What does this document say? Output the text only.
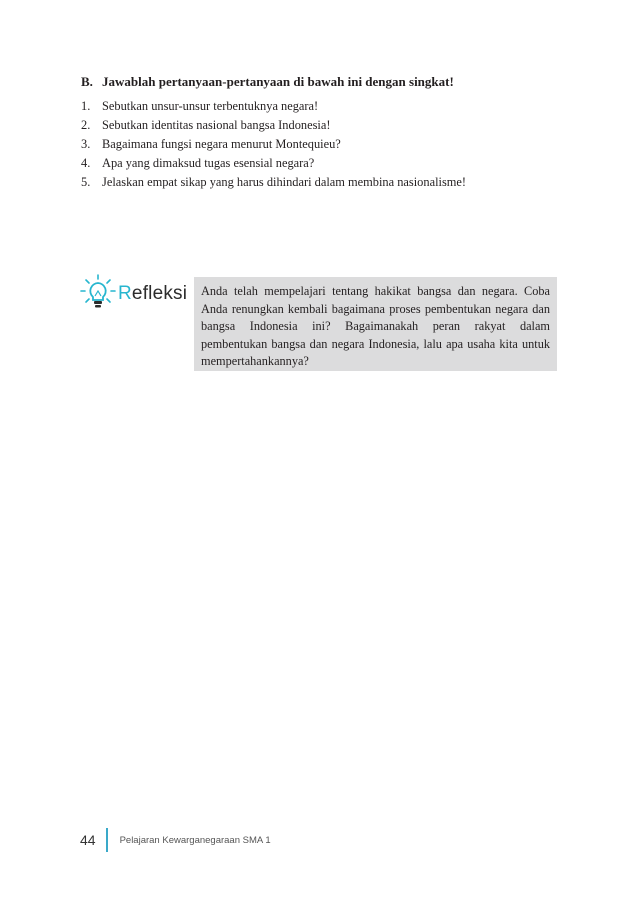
B. Jawablah pertanyaan-pertanyaan di bawah ini dengan singkat!
1. Sebutkan unsur-unsur terbentuknya negara!
2. Sebutkan identitas nasional bangsa Indonesia!
3. Bagaimana fungsi negara menurut Montequieu?
4. Apa yang dimaksud tugas esensial negara?
5. Jelaskan empat sikap yang harus dihindari dalam membina nasionalisme!
Refleksi Anda telah mempelajari tentang hakikat bangsa dan negara. Coba Anda renungkan kembali bagaimana proses pembentukan negara dan bangsa Indonesia ini? Bagaimanakah peran rakyat dalam pembentukan bangsa dan negara Indonesia, lalu apa usaha kita untuk mempertahankannya?

44	Pelajaran Kewarganegaraan SMA 1
